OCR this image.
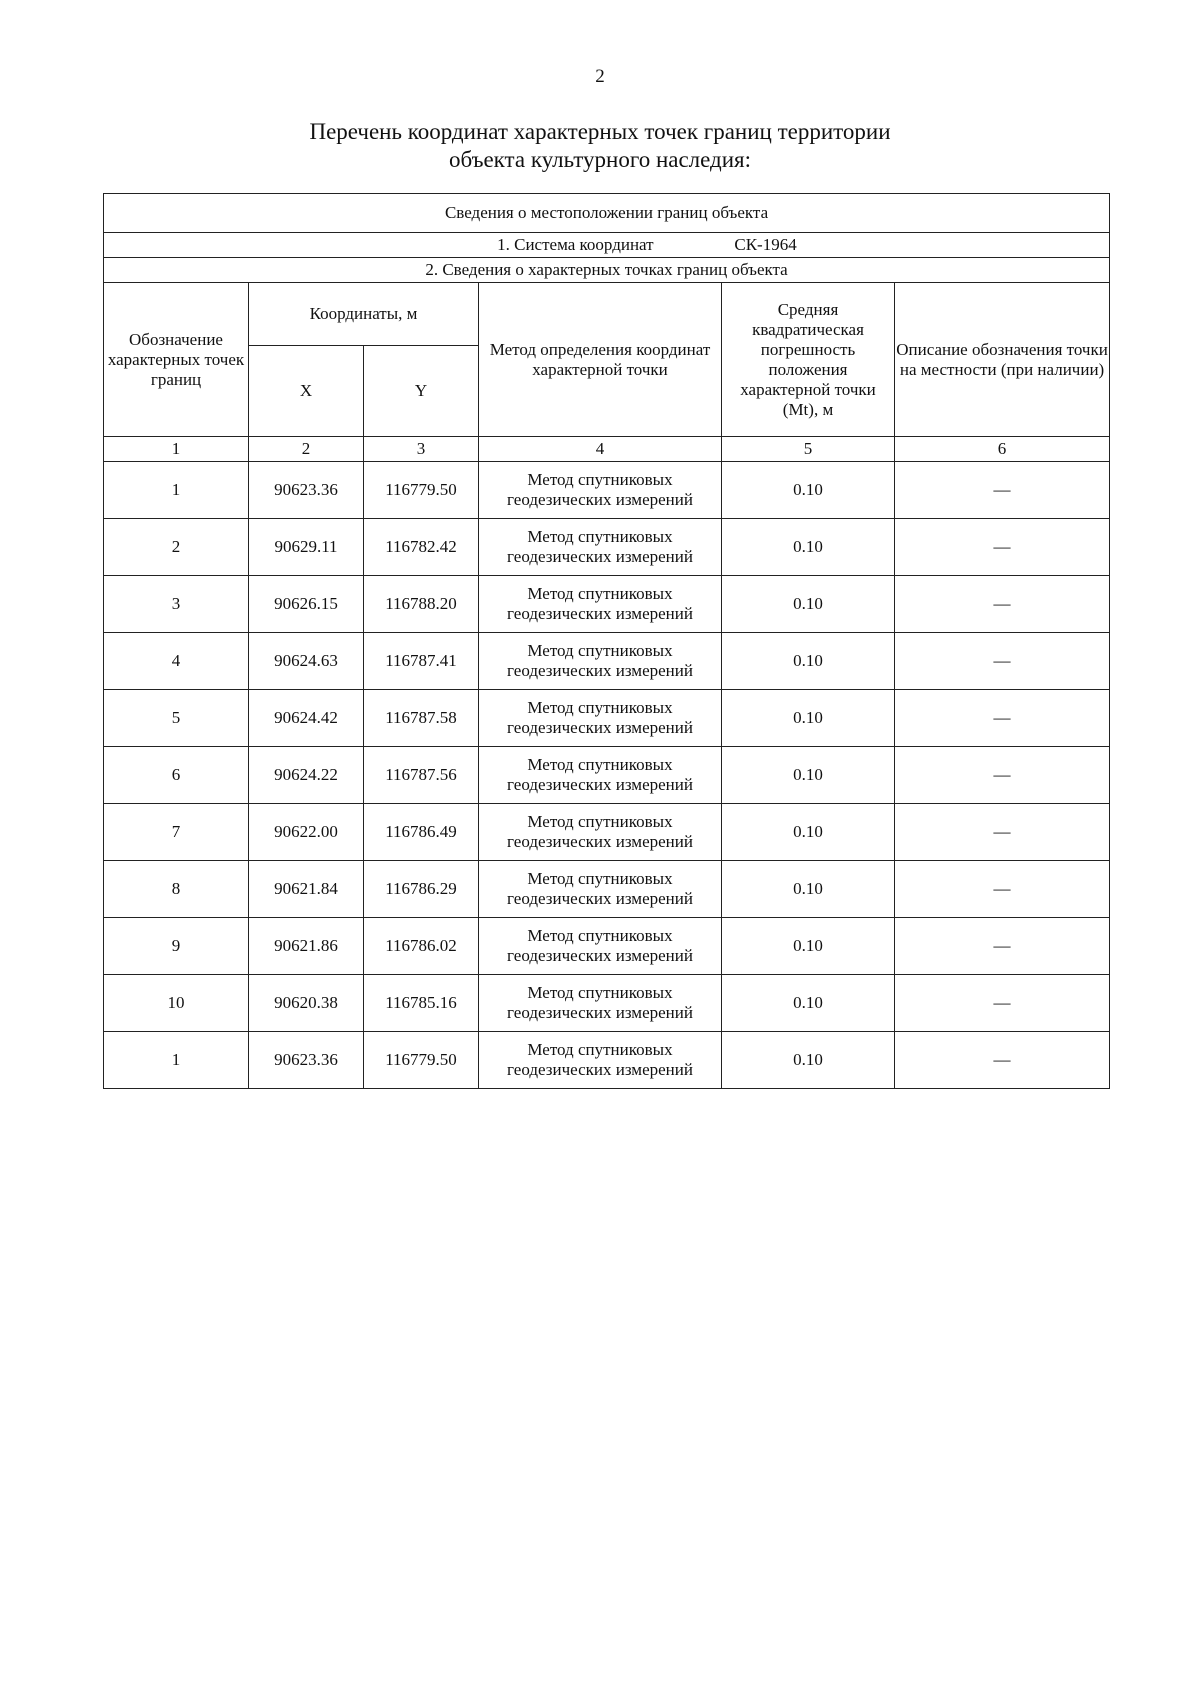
2
Перечень координат характерных точек границ территории
объекта культурного наследия:
Сведения о местоположении границ объекта					
1. Система координат СК-1964					
2. Сведения о характерных точках границ объекта					
Обозначение характерных точек границ	Координаты, м		Метод определения координат характерной точки	Средняя квадратическая погрешность положения характерной точки (Mt), м	Описание обозначения точки на местности (при наличии)
	X	Y			
1	2	3	4	5	6
1	90623.36	116779.50	Метод спутниковых геодезических измерений	0.10	—
2	90629.11	116782.42	Метод спутниковых геодезических измерений	0.10	—
3	90626.15	116788.20	Метод спутниковых геодезических измерений	0.10	—
4	90624.63	116787.41	Метод спутниковых геодезических измерений	0.10	—
5	90624.42	116787.58	Метод спутниковых геодезических измерений	0.10	—
6	90624.22	116787.56	Метод спутниковых геодезических измерений	0.10	—
7	90622.00	116786.49	Метод спутниковых геодезических измерений	0.10	—
8	90621.84	116786.29	Метод спутниковых геодезических измерений	0.10	—
9	90621.86	116786.02	Метод спутниковых геодезических измерений	0.10	—
10	90620.38	116785.16	Метод спутниковых геодезических измерений	0.10	—
1	90623.36	116779.50	Метод спутниковых геодезических измерений	0.10	—
